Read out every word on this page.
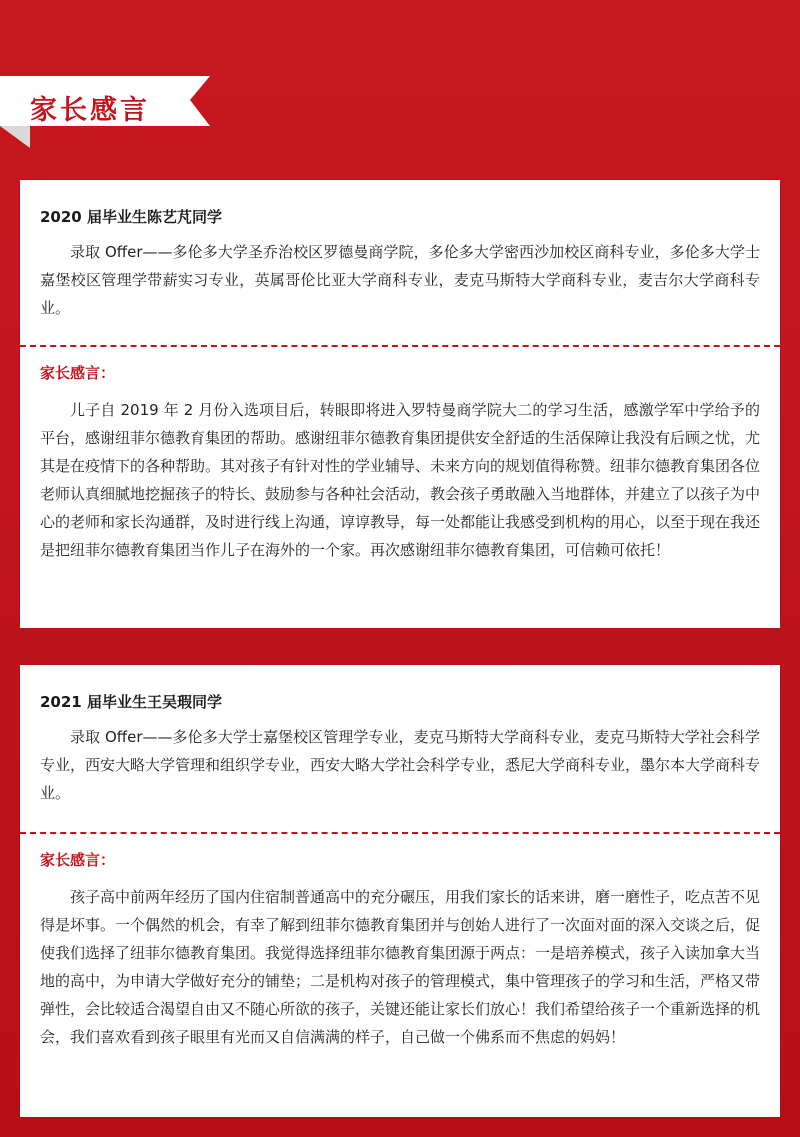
家长感言
2020 届毕业生陈艺芃同学
录取 Offer——多伦多大学圣乔治校区罗德曼商学院，多伦多大学密西沙加校区商科专业，多伦多大学士嘉堡校区管理学带薪实习专业，英属哥伦比亚大学商科专业，麦克马斯特大学商科专业，麦吉尔大学商科专业。
家长感言：
儿子自 2019 年 2 月份入选项目后，转眼即将进入罗特曼商学院大二的学习生活，感激学军中学给予的平台，感谢纽菲尔德教育集团的帮助。感谢纽菲尔德教育集团提供安全舒适的生活保障让我没有后顾之忧，尤其是在疫情下的各种帮助。其对孩子有针对性的学业辅导、未来方向的规划值得称赞。纽菲尔德教育集团各位老师认真细腻地挖掘孩子的特长、鼓励参与各种社会活动，教会孩子勇敢融入当地群体，并建立了以孩子为中心的老师和家长沟通群，及时进行线上沟通，谆谆教导，每一处都能让我感受到机构的用心，以至于现在我还是把纽菲尔德教育集团当作儿子在海外的一个家。再次感谢纽菲尔德教育集团，可信赖可依托！
2021 届毕业生王吴瑕同学
录取 Offer——多伦多大学士嘉堡校区管理学专业，麦克马斯特大学商科专业，麦克马斯特大学社会科学专业，西安大略大学管理和组织学专业，西安大略大学社会科学专业，悉尼大学商科专业，墨尔本大学商科专业。
家长感言：
孩子高中前两年经历了国内住宿制普通高中的充分碾压，用我们家长的话来讲，磨一磨性子，吃点苦不见得是坏事。一个偶然的机会，有幸了解到纽菲尔德教育集团并与创始人进行了一次面对面的深入交谈之后，促使我们选择了纽菲尔德教育集团。我觉得选择纽菲尔德教育集团源于两点：一是培养模式，孩子入读加拿大当地的高中，为申请大学做好充分的铺垫；二是机构对孩子的管理模式，集中管理孩子的学习和生活，严格又带弹性，会比较适合渴望自由又不随心所欲的孩子，关键还能让家长们放心！我们希望给孩子一个重新选择的机会，我们喜欢看到孩子眼里有光而又自信满满的样子，自己做一个佛系而不焦虑的妈妈！
